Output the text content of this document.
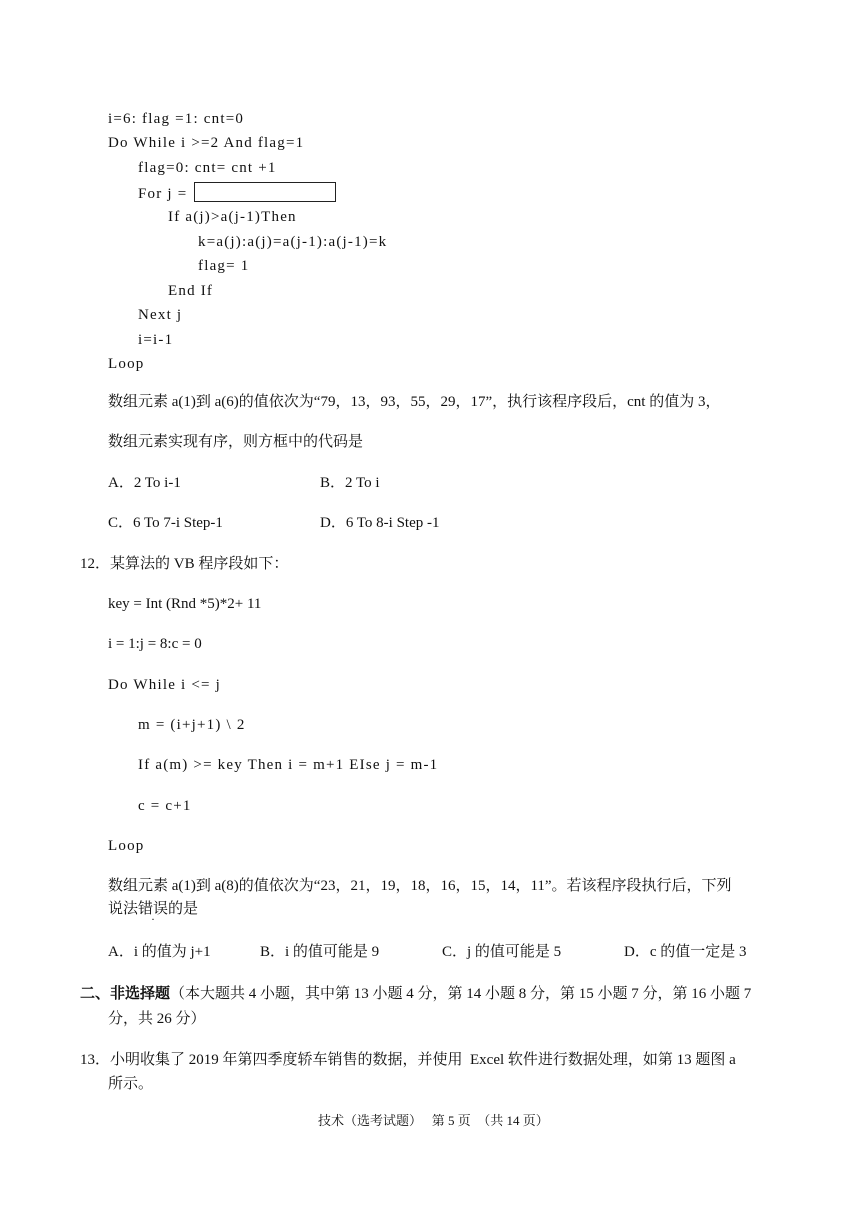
i=6: flag =1: cnt=0
Do While i >=2 And flag=1
flag=0: cnt= cnt +1
For j =
If a(j)>a(j-1)Then
k=a(j):a(j)=a(j-1):a(j-1)=k
flag= 1
End If
Next j
i=i-1
Loop
数组元素 a(1)到 a(6)的值依次为“79，13，93，55，29，17”，执行该程序段后，cnt 的值为 3，
数组元素实现有序，则方框中的代码是
A．2 To i-1	B．2 To i
C．6 To 7-i Step-1	D．6 To 8-i Step -1
12．某算法的 VB 程序段如下：
key = Int (Rnd *5)*2+ 11
i = 1:j = 8:c = 0
Do While i <= j
m = (i+j+1) \ 2
If a(m) >= key Then i = m+1 EIse j = m-1
c = c+1
Loop
数组元素 a(1)到 a(8)的值依次为“23，21，19，18，16，15，14，11”。若该程序段执行后，下列
说法错误的是
A．i 的值为 j+1	B．i 的值可能是 9	C．j 的值可能是 5	D．c 的值一定是 3
二、非选择题（本大题共 4 小题，其中第 13 小题 4 分，第 14 小题 8 分，第 15 小题 7 分，第 16 小题 7
分，共 26 分）
13．小明收集了 2019 年第四季度轿车销售的数据，并使用  Excel 软件进行数据处理，如第 13 题图 a
所示。
技术（选考试题）   第 5 页  （共 14 页）
